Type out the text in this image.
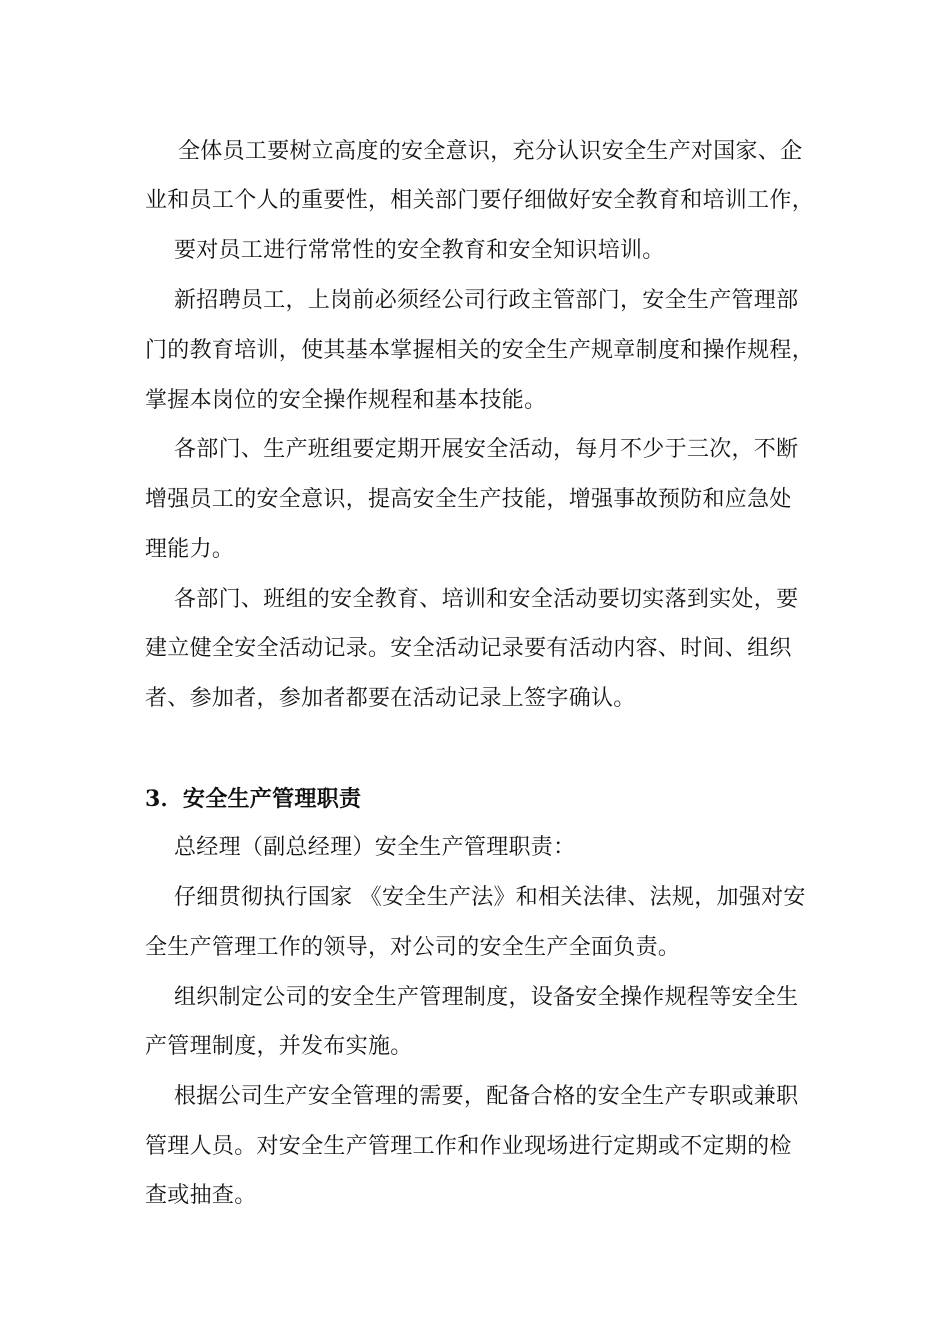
全体员工要树立高度的安全意识，充分认识安全生产对国家、企
业和员工个人的重要性，相关部门要仔细做好安全教育和培训工作，
要对员工进行常常性的安全教育和安全知识培训。
新招聘员工，上岗前必须经公司行政主管部门，安全生产管理部
门的教育培训，使其基本掌握相关的安全生产规章制度和操作规程，
掌握本岗位的安全操作规程和基本技能。
各部门、生产班组要定期开展安全活动，每月不少于三次，不断
增强员工的安全意识，提高安全生产技能，增强事故预防和应急处
理能力。
各部门、班组的安全教育、培训和安全活动要切实落到实处，要
建立健全安全活动记录。安全活动记录要有活动内容、时间、组织
者、参加者，参加者都要在活动记录上签字确认。
3．安全生产管理职责
总经理（副总经理）安全生产管理职责：
仔细贯彻执行国家 《安全生产法》和相关法律、法规，加强对安
全生产管理工作的领导，对公司的安全生产全面负责。
组织制定公司的安全生产管理制度，设备安全操作规程等安全生
产管理制度，并发布实施。
根据公司生产安全管理的需要，配备合格的安全生产专职或兼职
管理人员。对安全生产管理工作和作业现场进行定期或不定期的检
查或抽查。
